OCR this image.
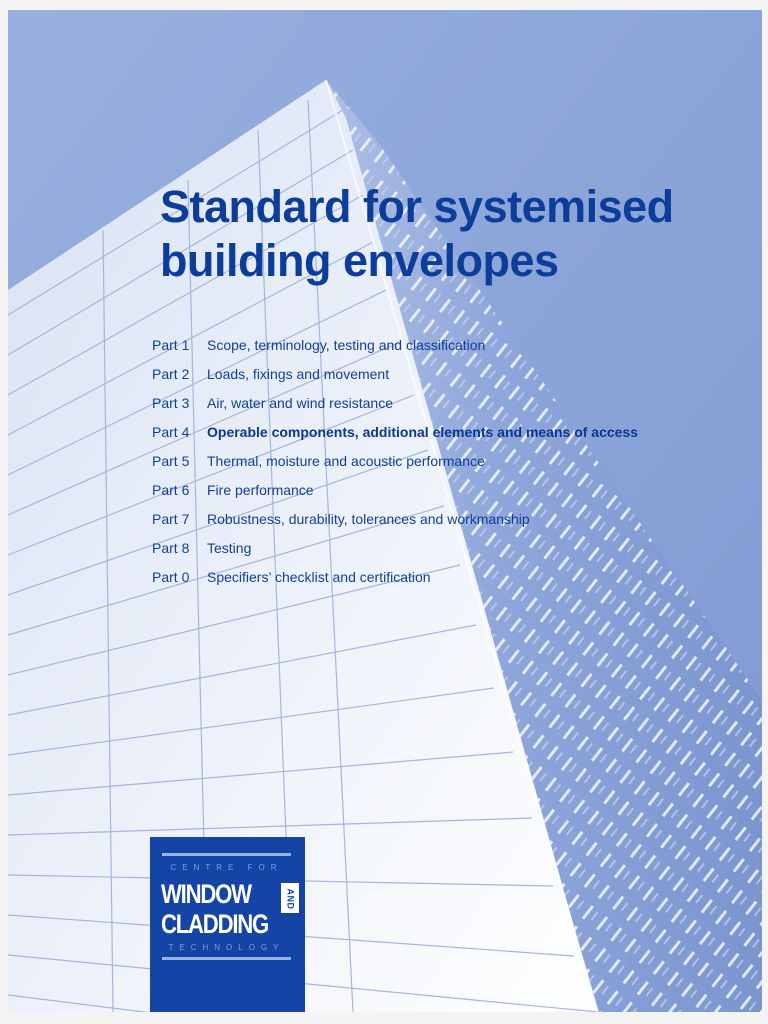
Standard for systemised
building envelopes
Part 1 Scope, terminology, testing and classification
Part 2 Loads, fixings and movement
Part 3 Air, water and wind resistance
Part 4 Operable components, additional elements and means of access
Part 5 Thermal, moisture and acoustic performance
Part 6 Fire performance
Part 7 Robustness, durability, tolerances and workmanship
Part 8 Testing
Part 0 Specifiers’ checklist and certification
CENTRE FOR
WINDOW	AND
CLADDING
TECHNOLOGY
